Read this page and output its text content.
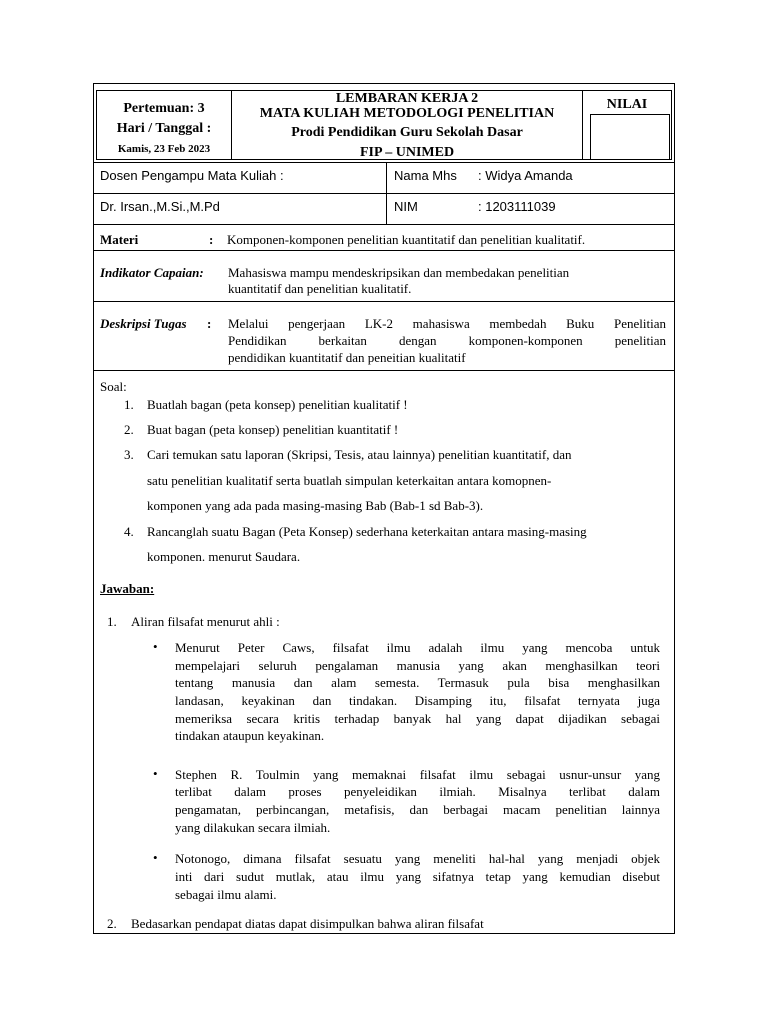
Pertemuan: 3
Hari / Tanggal :
Kamis, 23 Feb 2023
LEMBARAN KERJA 2
MATA KULIAH METODOLOGI PENELITIAN
Prodi Pendidikan Guru Sekolah Dasar
FIP – UNIMED
NILAI
Dosen Pengampu Mata Kuliah :
Dr. Irsan.,M.Si.,M.Pd
Nama Mhs : Widya Amanda
NIM	: 1203111039
Materi	: Komponen-komponen penelitian kuantitatif dan penelitian kualitatif.
Indikator Capaian: Mahasiswa mampu mendeskripsikan dan membedakan penelitian
kuantitatif dan penelitian kualitatif.
Deskripsi Tugas : Melalui pengerjaan LK-2 mahasiswa membedah Buku Penelitian
Pendidikan berkaitan dengan komponen-komponen penelitian
pendidikan kuantitatif dan peneitian kualitatif
Soal:
1. Buatlah bagan (peta konsep) penelitian kualitatif !
2. Buat bagan (peta konsep) penelitian kuantitatif !
3. Cari temukan satu laporan (Skripsi, Tesis, atau lainnya) penelitian kuantitatif, dan
satu penelitian kualitatif serta buatlah simpulan keterkaitan antara komopnen-
komponen yang ada pada masing-masing Bab (Bab-1 sd Bab-3).
4. Rancanglah suatu Bagan (Peta Konsep) sederhana keterkaitan antara masing-masing
komponen. menurut Saudara.
Jawaban:
1. Aliran filsafat menurut ahli :
• Menurut Peter Caws, filsafat ilmu adalah ilmu yang mencoba untuk
mempelajari seluruh pengalaman manusia yang akan menghasilkan teori
tentang manusia dan alam semesta. Termasuk pula bisa menghasilkan
landasan, keyakinan dan tindakan. Disamping itu, filsafat ternyata juga
memeriksa secara kritis terhadap banyak hal yang dapat dijadikan sebagai
tindakan ataupun keyakinan.
• Stephen R. Toulmin yang memaknai filsafat ilmu sebagai usnur-unsur yang
terlibat dalam proses penyeleidikan ilmiah. Misalnya terlibat dalam
pengamatan, perbincangan, metafisis, dan berbagai macam penelitian lainnya
yang dilakukan secara ilmiah.
• Notonogo, dimana filsafat sesuatu yang meneliti hal-hal yang menjadi objek
inti dari sudut mutlak, atau ilmu yang sifatnya tetap yang kemudian disebut
sebagai ilmu alami.
2. Bedasarkan pendapat diatas dapat disimpulkan bahwa aliran filsafat
